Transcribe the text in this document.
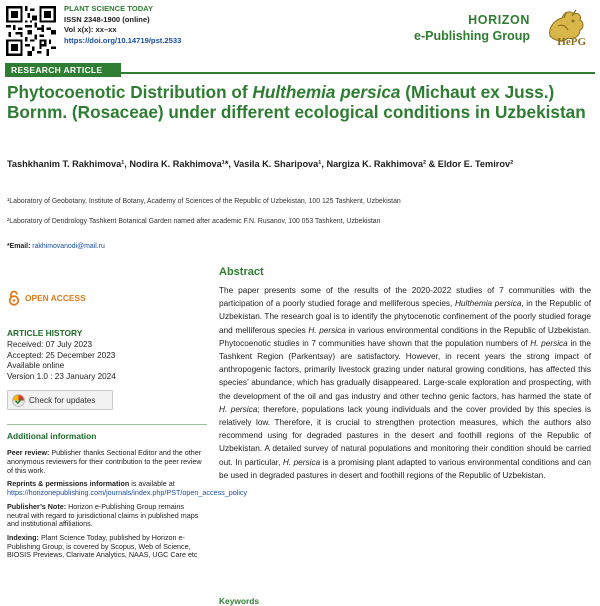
PLANT SCIENCE TODAY
ISSN 2348-1900 (online)
Vol x(x): xx–xx
https://doi.org/10.14719/pst.2533
HORIZON
e-Publishing Group HePG
RESEARCH ARTICLE
Phytocoenotic Distribution of Hulthemia persica (Michaut ex Juss.) Bornm. (Rosaceae) under different ecological conditions in Uzbekistan
Tashkhanim T. Rakhimova¹, Nodira K. Rakhimova¹*, Vasila K. Sharipova¹, Nargiza K. Rakhimova² & Eldor E. Temirov²
¹Laboratory of Geobotany, Institute of Botany, Academy of Sciences of the Republic of Uzbekistan, 100 125 Tashkent, Uzbekistan
²Laboratory of Dendrology Tashkent Botanical Garden named after academic F.N. Rusanov, 100 053 Tashkent, Uzbekistan
*Email: rakhimovanodi@mail.ru
OPEN ACCESS
ARTICLE HISTORY
Received: 07 July 2023
Accepted: 25 December 2023
Available online
Version 1.0 : 23 January 2024
Check for updates
Additional information

Peer review: Publisher thanks Sectional Editor and the other anonymous reviewers for their contribution to the peer review of this work.

Reprints & permissions information is available at https://horizonepublishing.com/journals/index.php/PST/open_access_policy

Publisher’s Note: Horizon e-Publishing Group remains neutral with regard to jurisdictional claims in published maps and institutional affiliations.

Indexing: Plant Science Today, published by Horizon e-Publishing Group, is covered by Scopus, Web of Science, BIOSIS Previews, Clarivate Analytics, NAAS, UGC Care etc

Abstract
The paper presents some of the results of the 2020-2022 studies of 7 communities with the participation of a poorly studied forage and melliferous species, Hulthemia persica, in the Republic of Uzbekistan. The research goal is to identify the phytocenotic confinement of the poorly studied forage and melliferous species H. persica in various environmental conditions in the Republic of Uzbekistan. Phytocoenotic studies in 7 communities have shown that the population numbers of H. persica in the Tashkent Region (Parkentsay) are satisfactory. However, in recent years the strong impact of anthropogenic factors, primarily livestock grazing under natural growing conditions, has affected this species’ abundance, which has gradually disappeared. Large-scale exploration and prospecting, with the development of the oil and gas industry and other techno genic factors, has harmed the state of H. persica; therefore, populations lack young individuals and the cover provided by this species is relatively low. Therefore, it is crucial to strengthen protection measures, which the authors also recommend using for degraded pastures in the desert and foothill regions of the Republic of Uzbekistan. A detailed survey of natural populations and monitoring their condition should be carried out. In particular, H. persica is a promising plant adapted to various environmental conditions and can be used in degraded pastures in desert and foothill regions of the Republic of Uzbekistan.
Keywords
